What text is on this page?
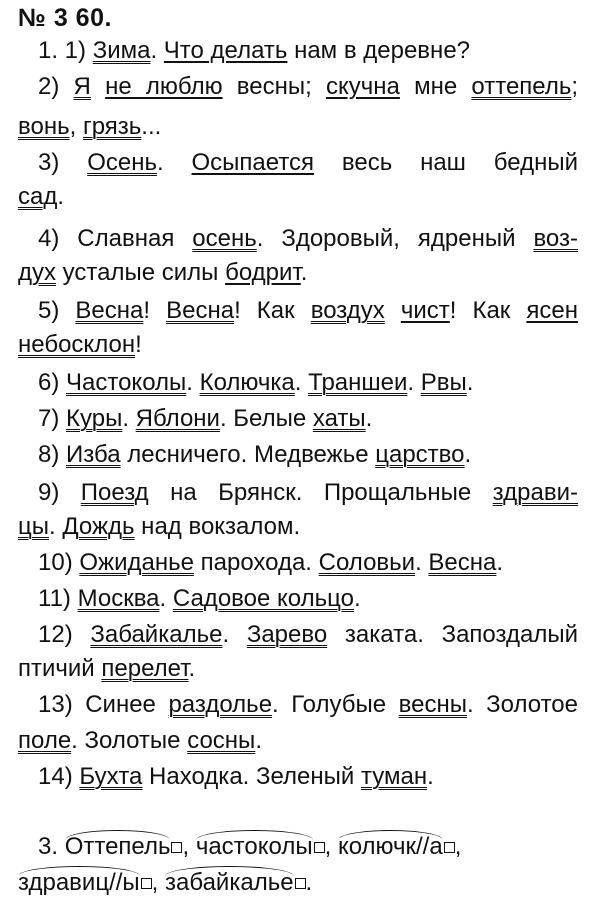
№ 3 60.
1. 1) Зима. Что делать нам в деревне?
2) Я не люблю весны; скучна мне оттепель;
вонь, грязь...
3) Осень. Осыпается весь наш бедный
сад.
4) Славная осень. Здоровый, ядреный воз-
дух усталые силы бодрит.
5) Весна! Весна! Как воздух чист! Как ясен
небосклон!
6) Частоколы. Колючка. Траншеи. Рвы.
7) Куры. Яблони. Белые хаты.
8) Изба лесничего. Медвежье царство.
9) Поезд на Брянск. Прощальные здрави-
цы. Дождь над вокзалом.
10) Ожиданье парохода. Соловьи. Весна.
11) Москва. Садовое кольцо.
12) Забайкалье. Зарево заката. Запоздалый
птичий перелет.
13) Синее раздолье. Голубые весны. Золотое
поле. Золотые сосны.
14) Бухта Находка. Зеленый туман.
3. Оттепель , частоколы , колючк//а ,
здравиц//ы , забайкалье .
